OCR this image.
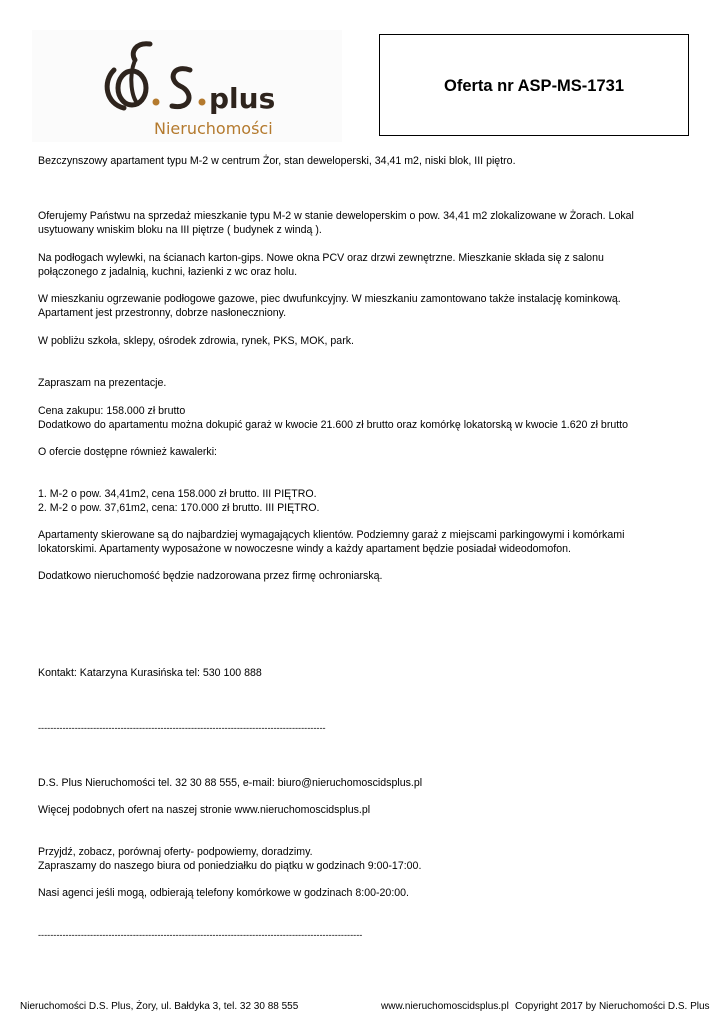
plus
Nieruchomości
Oferta nr ASP-MS-1731

Bezczynszowy apartament typu M-2 w centrum Żor, stan deweloperski, 34,41 m2, niski blok, III piętro.

Oferujemy Państwu na sprzedaż mieszkanie typu M-2 w stanie deweloperskim o pow. 34,41 m2 zlokalizowane w Żorach. Lokal
usytuowany wniskim bloku na III piętrze ( budynek z windą ).

Na podłogach wylewki, na ścianach karton-gips. Nowe okna PCV oraz drzwi zewnętrzne. Mieszkanie składa się z salonu
połączonego z jadalnią, kuchni, łazienki z wc oraz holu.

W mieszkaniu ogrzewanie podłogowe gazowe, piec dwufunkcyjny. W mieszkaniu zamontowano także instalację kominkową.
Apartament jest przestronny, dobrze nasłoneczniony.

W pobliżu szkoła, sklepy, ośrodek zdrowia, rynek, PKS, MOK, park.

Zapraszam na prezentacje.

Cena zakupu: 158.000 zł brutto
Dodatkowo do apartamentu można dokupić garaż w kwocie 21.600 zł brutto oraz komórkę lokatorską w kwocie 1.620 zł brutto

O ofercie dostępne również kawalerki:

1. M-2 o pow. 34,41m2, cena 158.000 zł brutto. III PIĘTRO.
2. M-2 o pow. 37,61m2, cena: 170.000 zł brutto. III PIĘTRO.

Apartamenty skierowane są do najbardziej wymagających klientów. Podziemny garaż z miejscami parkingowymi i komórkami
lokatorskimi. Apartamenty wyposażone w nowoczesne windy a każdy apartament będzie posiadał wideodomofon.

Dodatkowo nieruchomość będzie nadzorowana przez firmę ochroniarską.

Kontakt: Katarzyna Kurasińska tel: 530 100 888

----------------------------------------------------------------------------------------------

D.S. Plus Nieruchomości tel. 32 30 88 555, e-mail: biuro@nieruchomoscidsplus.pl

Więcej podobnych ofert na naszej stronie www.nieruchomoscidsplus.pl

Przyjdź, zobacz, porównaj oferty- podpowiemy, doradzimy.
Zapraszamy do naszego biura od poniedziałku do piątku w godzinach 9:00-17:00.

Nasi agenci jeśli mogą, odbierają telefony komórkowe w godzinach 8:00-20:00.

----------------------------------------------------------------------------------------------------------

Nieruchomości D.S. Plus, Żory, ul. Bałdyka 3, tel. 32 30 88 555	www.nieruchomoscidsplus.pl Copyright 2017 by Nieruchomości D.S. Plus
